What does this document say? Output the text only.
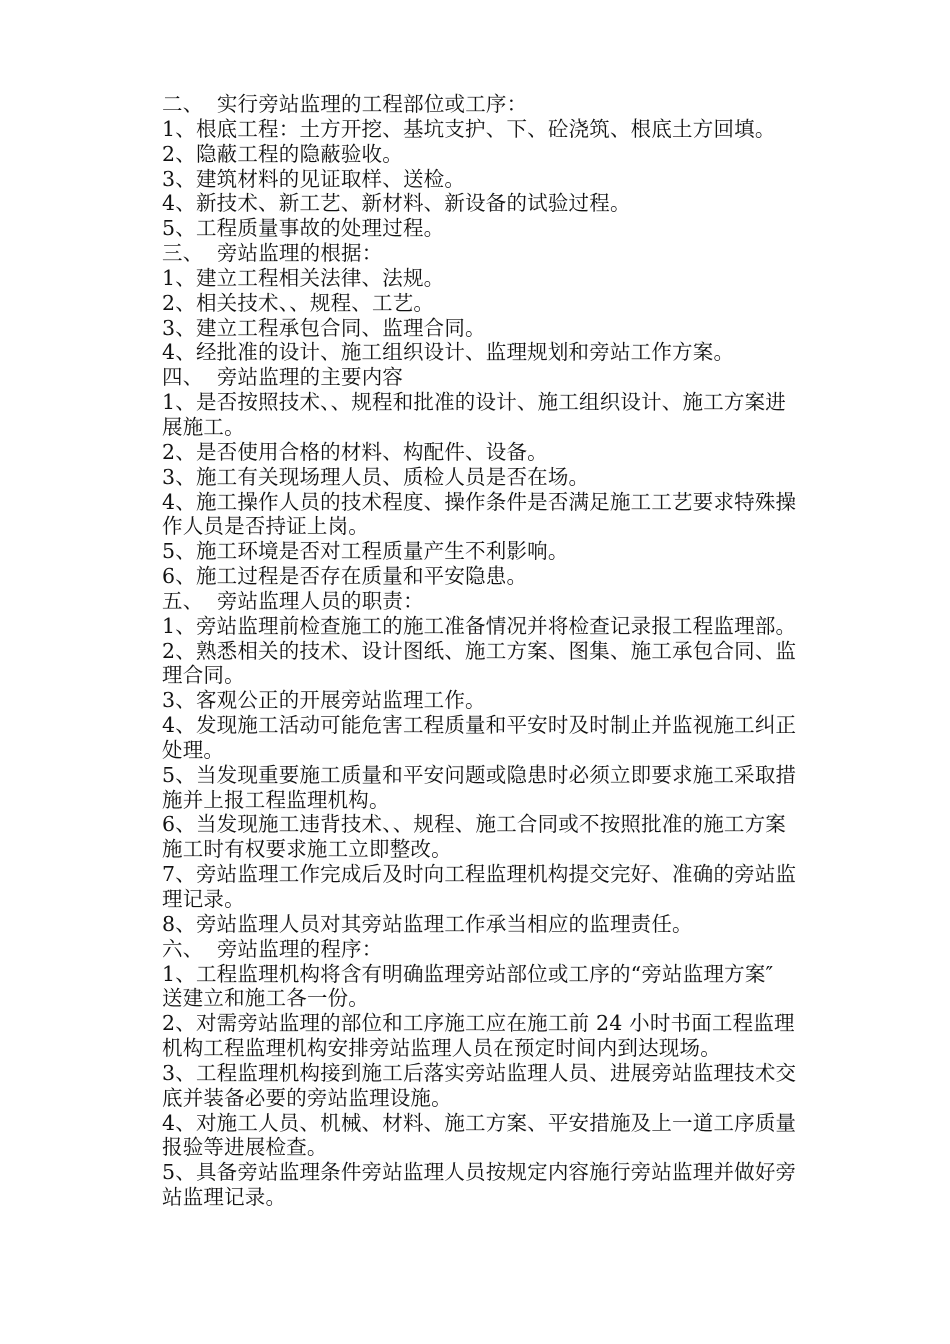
二、  实行旁站监理的工程部位或工序：

1、根底工程：土方开挖、基坑支护、下、砼浇筑、根底土方回填。

2、隐蔽工程的隐蔽验收。

3、建筑材料的见证取样、送检。

4、新技术、新工艺、新材料、新设备的试验过程。

5、工程质量事故的处理过程。

三、  旁站监理的根据：

1、建立工程相关法律、法规。

2、相关技术、、规程、工艺。

3、建立工程承包合同、监理合同。

4、经批准的设计、施工组织设计、监理规划和旁站工作方案。

四、  旁站监理的主要内容

1、是否按照技术、、规程和批准的设计、施工组织设计、施工方案进

展施工。

2、是否使用合格的材料、构配件、设备。

3、施工有关现场理人员、质检人员是否在场。

4、施工操作人员的技术程度、操作条件是否满足施工工艺要求特殊操

作人员是否持证上岗。

5、施工环境是否对工程质量产生不利影响。

6、施工过程是否存在质量和平安隐患。

五、  旁站监理人员的职责：

1、旁站监理前检查施工的施工准备情况并将检查记录报工程监理部。

2、熟悉相关的技术、设计图纸、施工方案、图集、施工承包合同、监

理合同。

3、客观公正的开展旁站监理工作。

4、发现施工活动可能危害工程质量和平安时及时制止并监视施工纠正

处理。

5、当发现重要施工质量和平安问题或隐患时必须立即要求施工采取措

施并上报工程监理机构。

6、当发现施工违背技术、、规程、施工合同或不按照批准的施工方案

施工时有权要求施工立即整改。

7、旁站监理工作完成后及时向工程监理机构提交完好、准确的旁站监

理记录。

8、旁站监理人员对其旁站监理工作承当相应的监理责任。

六、  旁站监理的程序：

1、工程监理机构将含有明确监理旁站部位或工序的“旁站监理方案″

送建立和施工各一份。

2、对需旁站监理的部位和工序施工应在施工前 24 小时书面工程监理

机构工程监理机构安排旁站监理人员在预定时间内到达现场。

3、工程监理机构接到施工后落实旁站监理人员、进展旁站监理技术交

底并装备必要的旁站监理设施。

4、对施工人员、机械、材料、施工方案、平安措施及上一道工序质量

报验等进展检查。

5、具备旁站监理条件旁站监理人员按规定内容施行旁站监理并做好旁

站监理记录。
